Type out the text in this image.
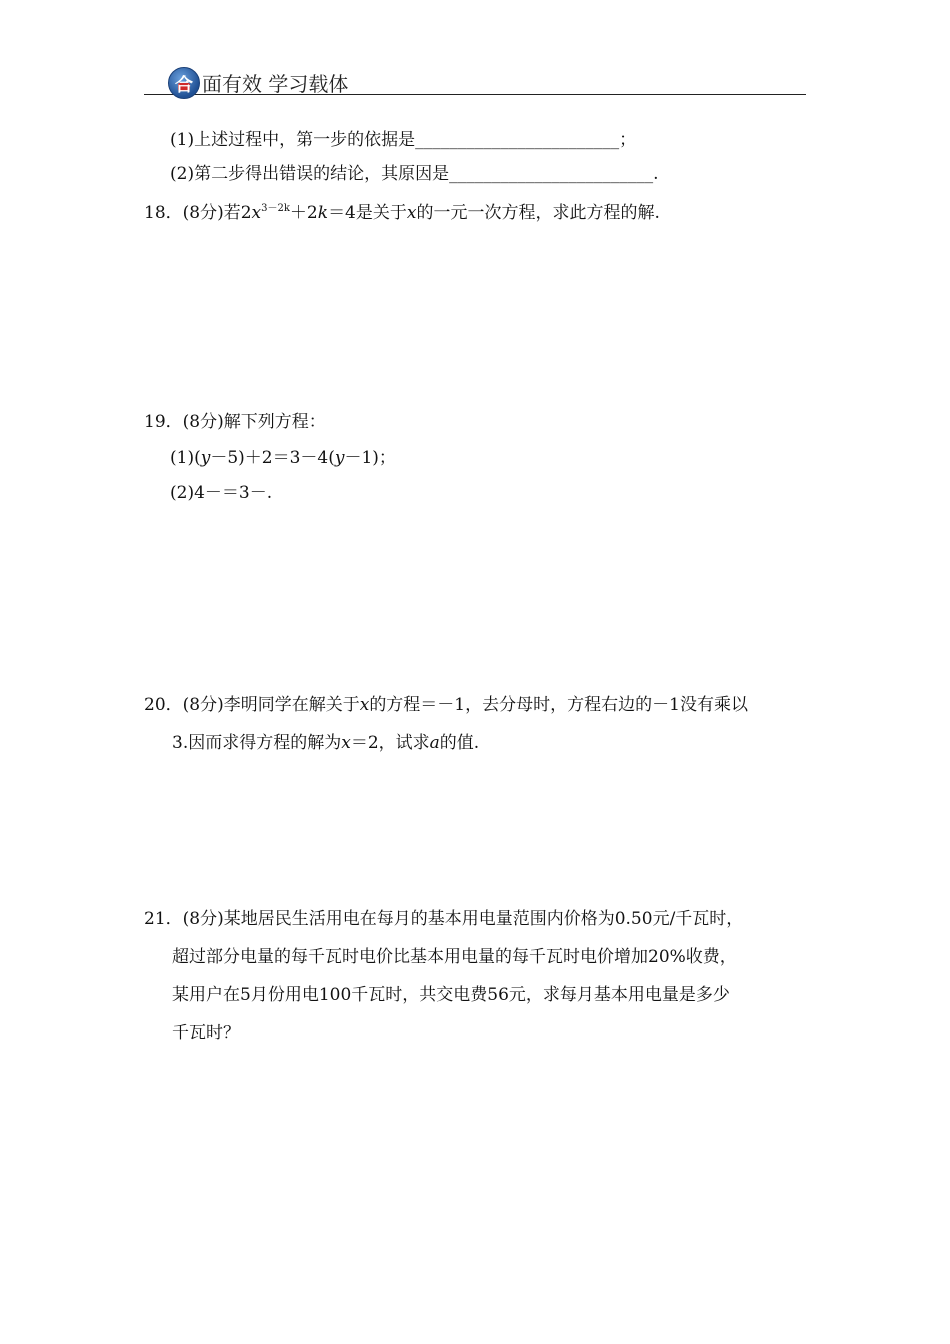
合 面有效 学习载体
(1)上述过程中，第一步的依据是________________________；
(2)第二步得出错误的结论，其原因是________________________.
18．(8分)若$2x^{3-2k}+2k=4$是关于x的一元一次方程，求此方程的解.
19．(8分)解下列方程：
(1)(y－5)＋2＝3－4(y－1)；
(2)4－＝3－.
20．(8分)李明同学在解关于x的方程＝－1，去分母时，方程右边的－1没有乘以
3.因而求得方程的解为x＝2，试求a的值.
21．(8分)某地居民生活用电在每月的基本用电量范围内价格为0.50元/千瓦时，
超过部分电量的每千瓦时电价比基本用电量的每千瓦时电价增加20%收费，
某用户在5月份用电100千瓦时，共交电费56元，求每月基本用电量是多少
千瓦时？
